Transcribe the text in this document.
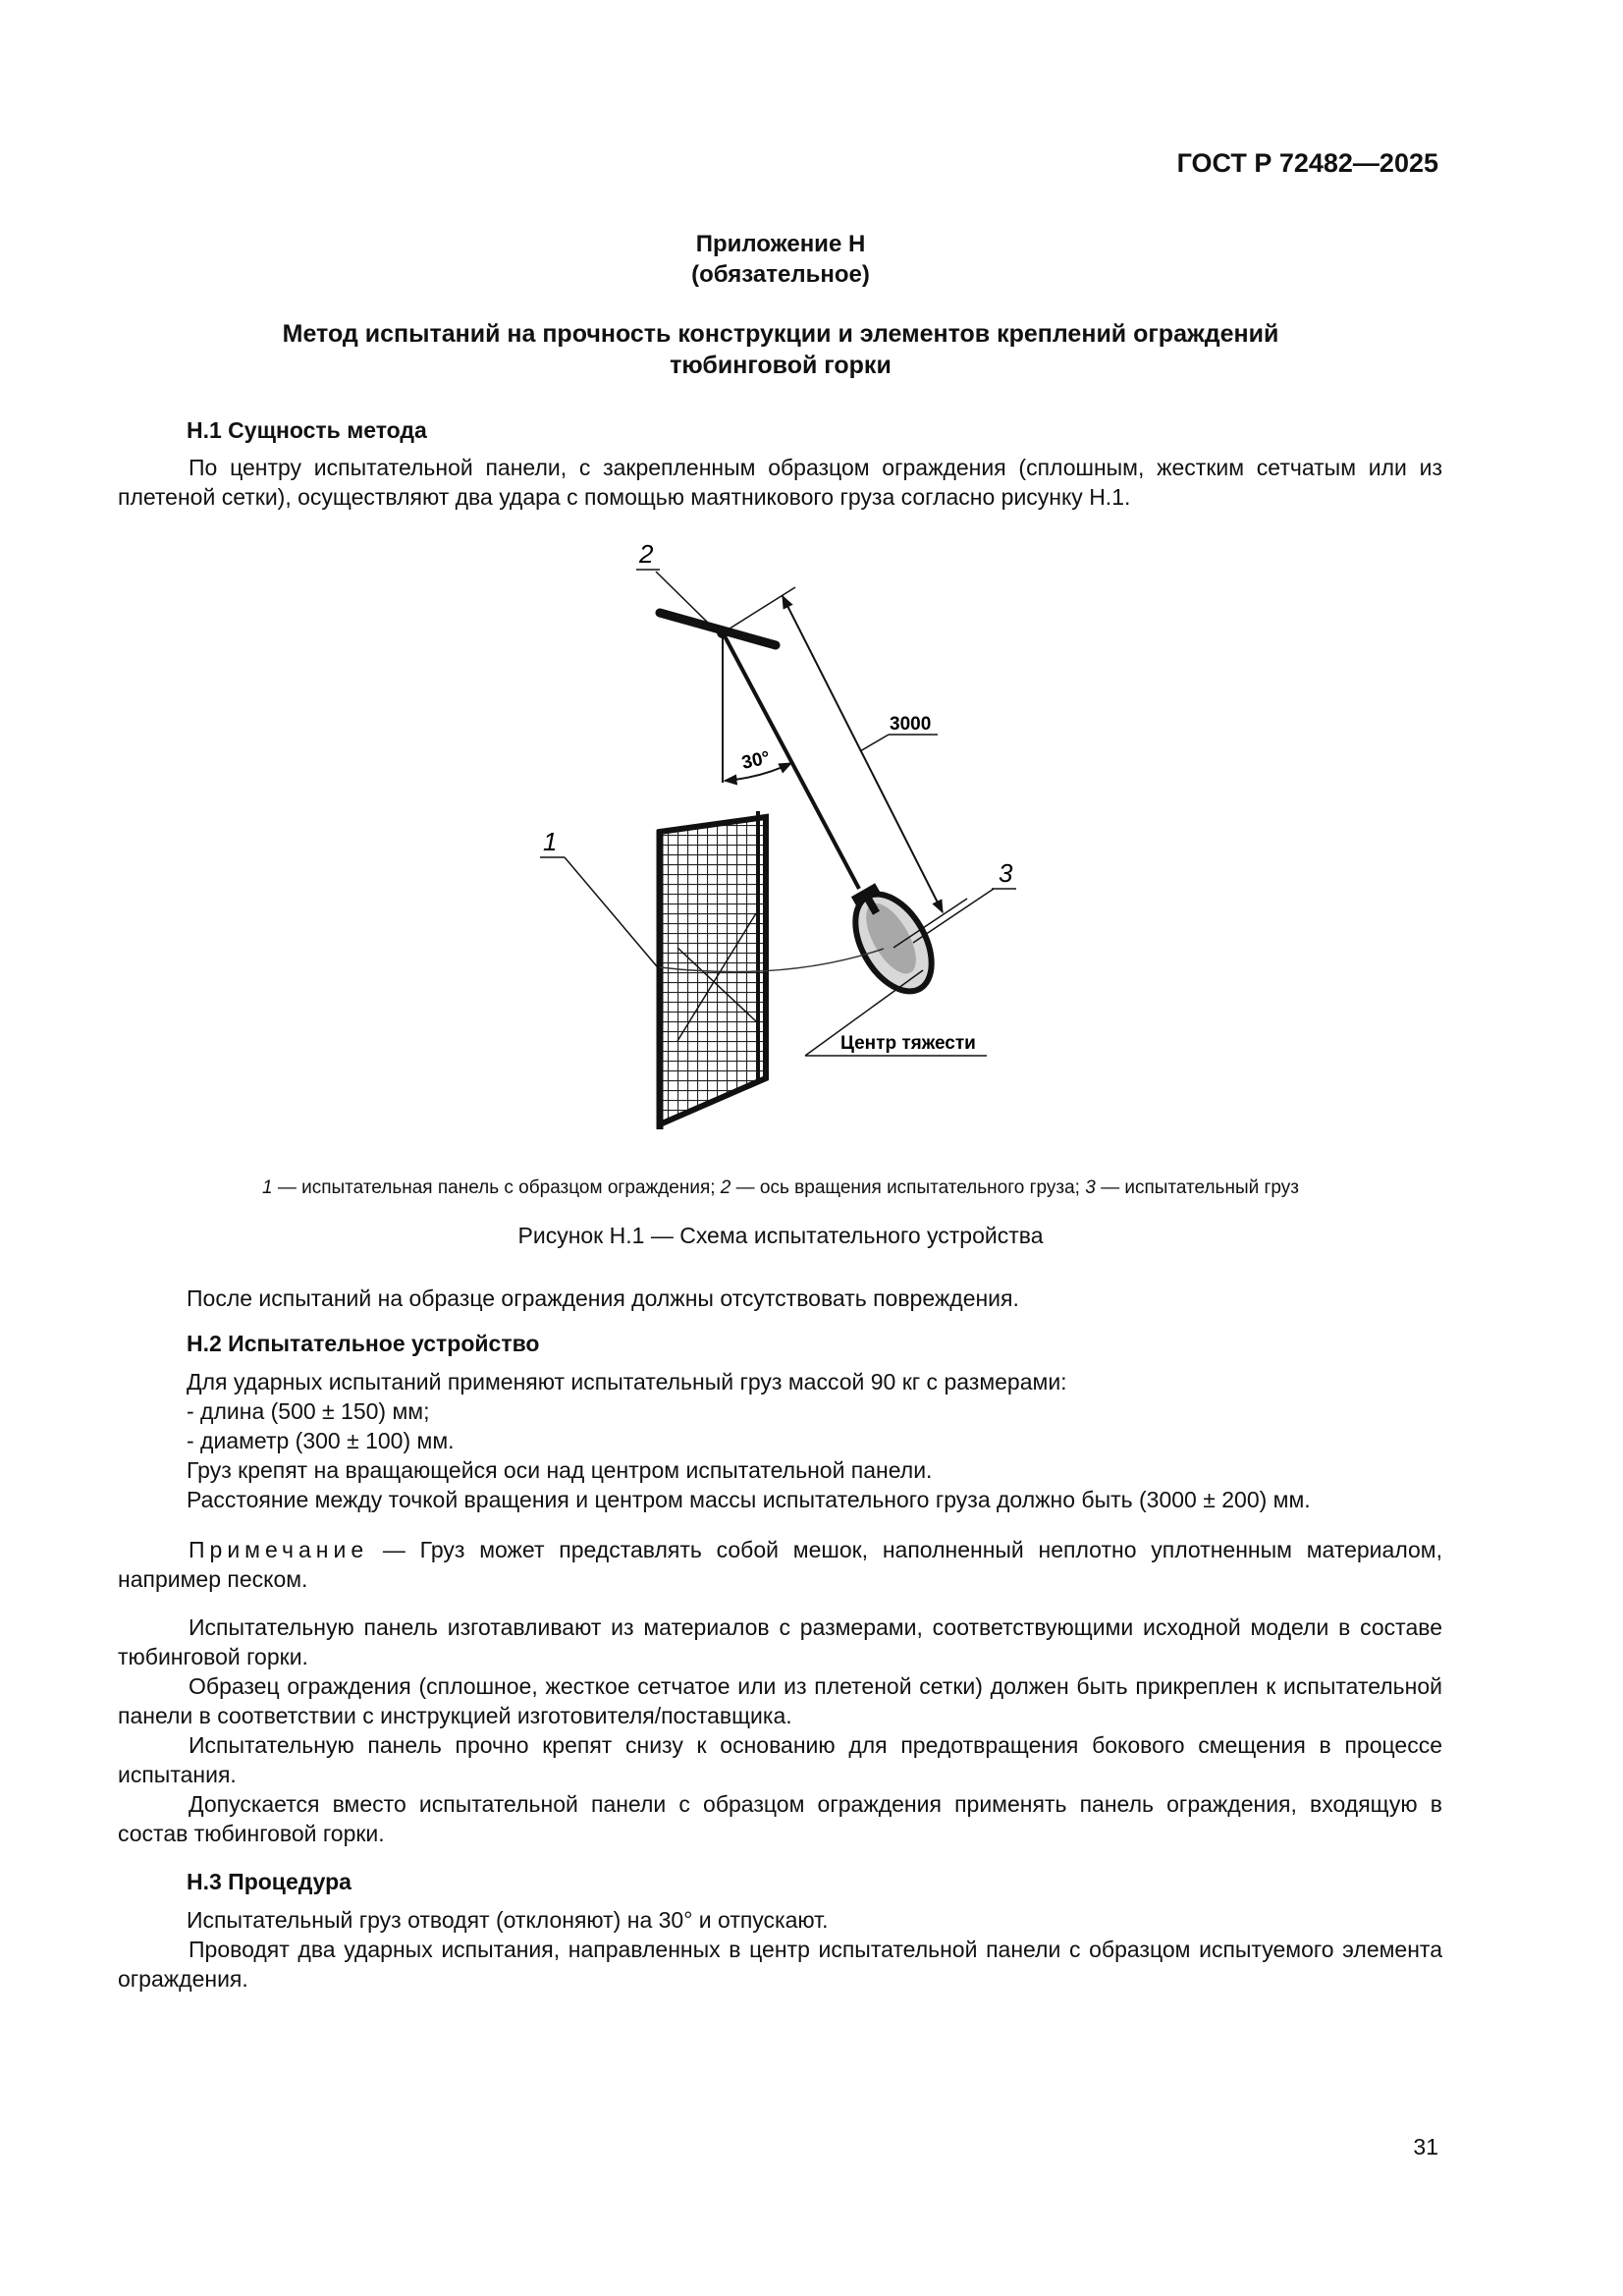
ГОСТ Р 72482—2025
Приложение Н
(обязательное)
Метод испытаний на прочность конструкции и элементов креплений ограждений
тюбинговой горки
Н.1 Сущность метода
По центру испытательной панели, с закрепленным образцом ограждения (сплошным, жестким сетчатым или из плетеной сетки), осуществляют два удара с помощью маятникового груза согласно рисунку Н.1.
30°
3000
Центр тяжести
1
2
3
1 — испытательная панель с образцом ограждения; 2 — ось вращения испытательного груза; 3 — испытательный груз
Рисунок Н.1 — Схема испытательного устройства
После испытаний на образце ограждения должны отсутствовать повреждения.
Н.2 Испытательное устройство
Для ударных испытаний применяют испытательный груз массой 90 кг с размерами:
- длина (500 ± 150) мм;
- диаметр (300 ± 100) мм.
Груз крепят на вращающейся оси над центром испытательной панели.
Расстояние между точкой вращения и центром массы испытательного груза должно быть (3000 ± 200) мм.
Примечание — Груз может представлять собой мешок, наполненный неплотно уплотненным материалом, например песком.
Испытательную панель изготавливают из материалов с размерами, соответствующими исходной модели в составе тюбинговой горки.
Образец ограждения (сплошное, жесткое сетчатое или из плетеной сетки) должен быть прикреплен к испытательной панели в соответствии с инструкцией изготовителя/поставщика.
Испытательную панель прочно крепят снизу к основанию для предотвращения бокового смещения в процессе испытания.
Допускается вместо испытательной панели с образцом ограждения применять панель ограждения, входящую в состав тюбинговой горки.
Н.3 Процедура
Испытательный груз отводят (отклоняют) на 30° и отпускают.
Проводят два ударных испытания, направленных в центр испытательной панели с образцом испытуемого элемента ограждения.
31
